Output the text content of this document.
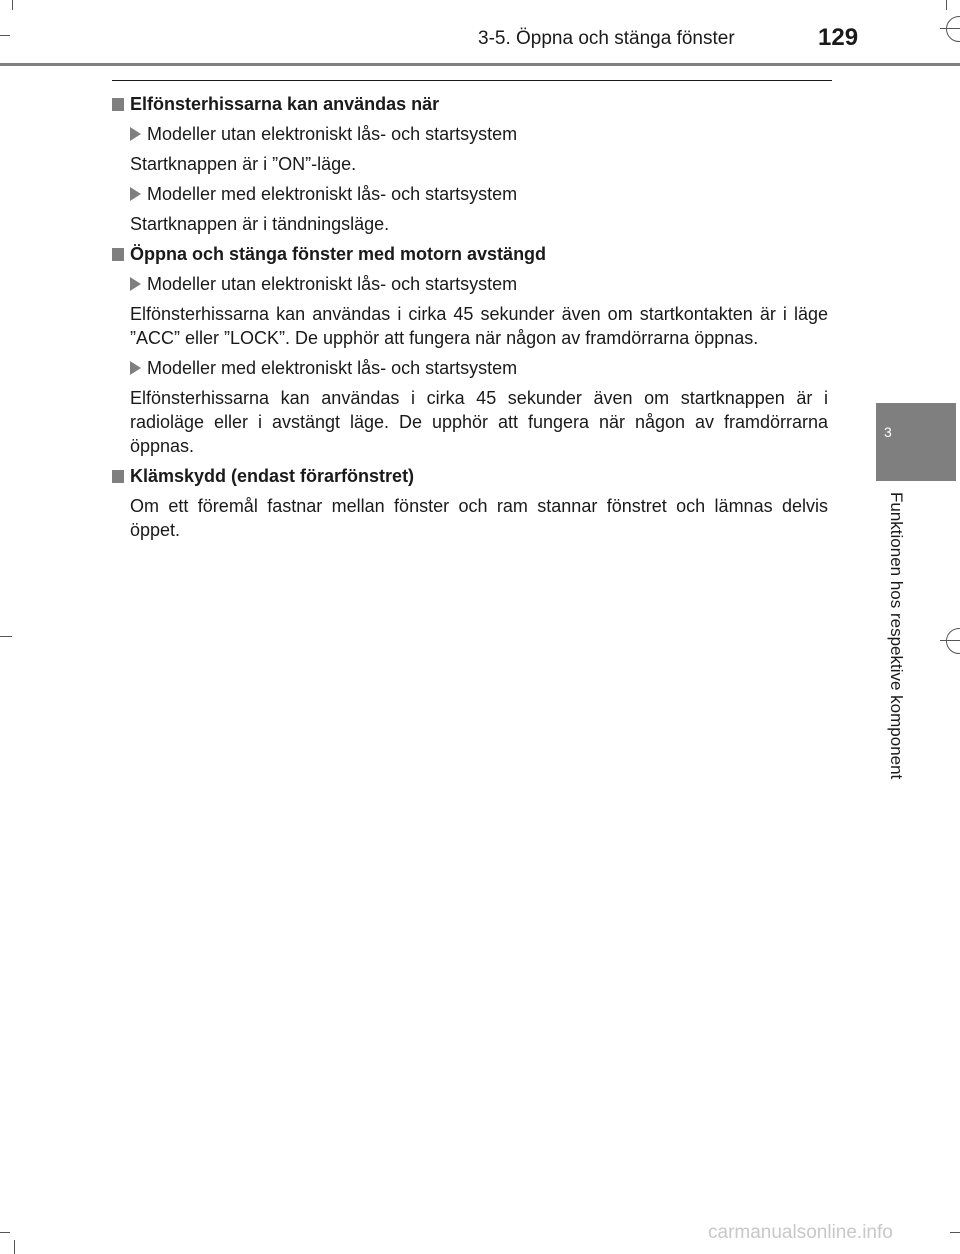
3-5. Öppna och stänga fönster	129
Elfönsterhissarna kan användas när
Modeller utan elektroniskt lås- och startsystem
Startknappen är i ”ON”-läge.
Modeller med elektroniskt lås- och startsystem
Startknappen är i tändningsläge.
Öppna och stänga fönster med motorn avstängd
Modeller utan elektroniskt lås- och startsystem
Elfönsterhissarna kan användas i cirka 45 sekunder även om startkontakten är i läge ”ACC” eller ”LOCK”. De upphör att fungera när någon av framdörrarna öppnas.
Modeller med elektroniskt lås- och startsystem
Elfönsterhissarna kan användas i cirka 45 sekunder även om startknappen är i radioläge eller i avstängt läge. De upphör att fungera när någon av framdörrarna öppnas.
Klämskydd (endast förarfönstret)
Om ett föremål fastnar mellan fönster och ram stannar fönstret och lämnas delvis öppet.
3
Funktionen hos respektive komponent
carmanualsonline.info
